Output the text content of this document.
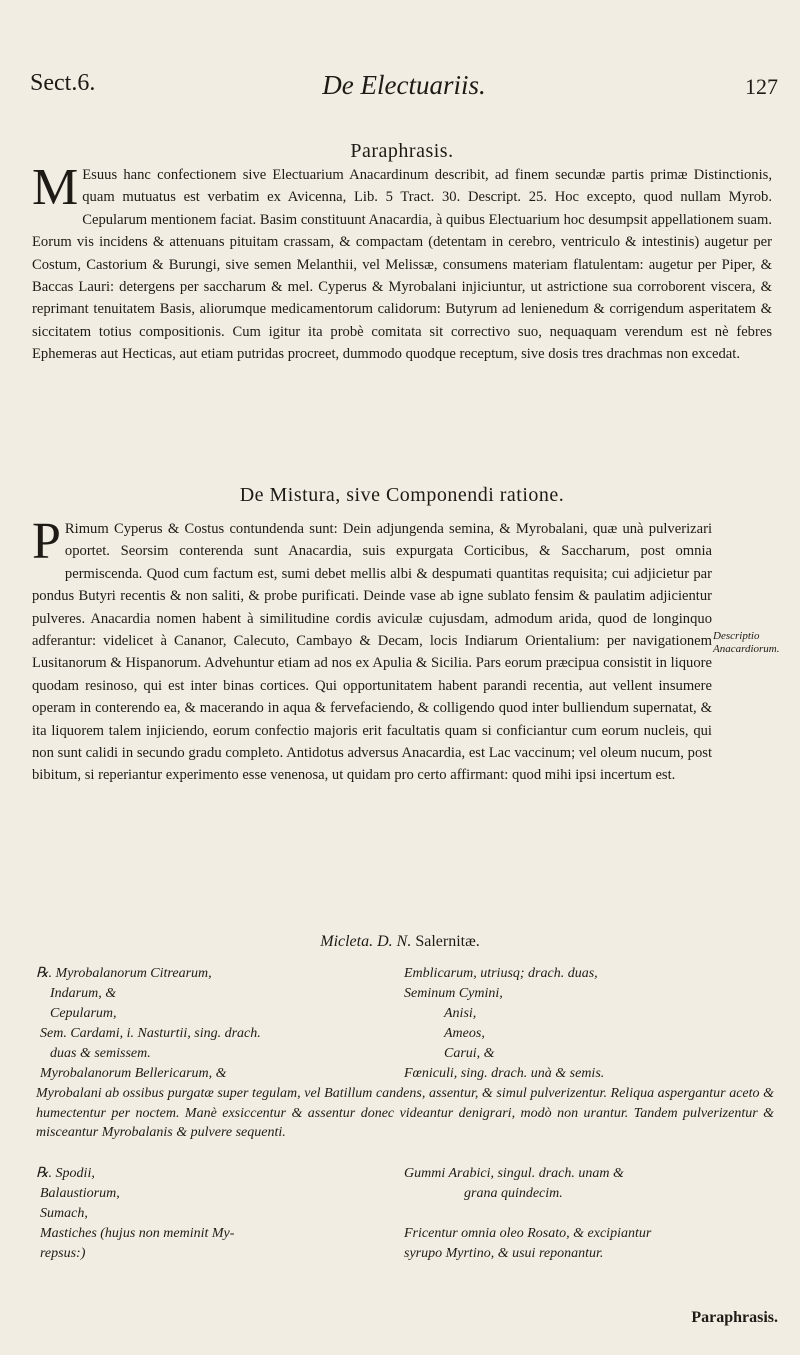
Sect.6.	De Electuariis.	127
Paraphrasis.
M Esuus hanc confectionem sive Electuarium Anacardinum describit, ad finem secundæ partis primæ Distinctionis, quam mutuatus est verbatim ex Avicenna, Lib. 5 Tract. 30. Descript. 25. Hoc excepto, quod nullam Myrob. Cepularum mentionem faciat. Basim constituunt Anacardia, à quibus Electuarium hoc desumpsit appellationem suam. Eorum vis incidens & attenuans pituitam crassam, & compactam (detentam in cerebro, ventriculo & intestinis) augetur per Costum, Castorium & Burungi, sive semen Melanthii, vel Melissæ, consumens materiam flatulentam: augetur per Piper, & Baccas Lauri: detergens per saccharum & mel. Cyperus & Myrobalani injiciuntur, ut astrictione sua corroborent viscera, & reprimant tenuitatem Basis, aliorumque medicamentorum calidorum: Butyrum ad lenienedum & corrigendum asperitatem & siccitatem totius compositionis. Cum igitur ita probè comitata sit correctivo suo, nequaquam verendum est nè febres Ephemeras aut Hecticas, aut etiam putridas procreet, dummodo quodque receptum, sive dosis tres drachmas non excedat.
De Mistura, sive Componendi ratione.
P Rimum Cyperus & Costus contundenda sunt: Dein adjungenda semina, & Myrobalani, quæ unà pulverizari oportet. Seorsim conterenda sunt Anacardia, suis expurgata Corticibus, & Saccharum, post omnia permiscenda. Quod cum factum est, sumi debet mellis albi & despumati quantitas requisita; cui adjicietur par pondus Butyri recentis & non saliti, & probe purificati. Deinde vase ab igne sublato fensim & paulatim adjicientur pulveres. Anacardia nomen habent à similitudine cordis aviculæ cujusdam, admodum arida, quod de longinquo adferantur: videlicet à Cananor, Calecuto, Cambayo & Decam, locis Indiarum Orientalium: per navigationem Lusitanorum & Hispanorum. Advehuntur etiam ad nos ex Apulia & Sicilia. Pars eorum præcipua consistit in liquore quodam resinoso, qui est inter binas cortices. Qui opportunitatem habent parandi recentia, aut vellent insumere operam in conterendo ea, & macerando in aqua & fervefaciendo, & colligendo quod inter bulliendum supernatat, & ita liquorem talem injiciendo, eorum confectio majoris erit facultatis quam si conficiantur cum eorum nucleis, qui non sunt calidi in secundo gradu completo. Antidotus adversus Anacardia, est Lac vaccinum; vel oleum nucum, post bibitum, si reperiantur experimento esse venenosa, ut quidam pro certo affirmant: quod mihi ipsi incertum est.
Descriptio Anacardiorum.
Micleta. D. N. Salernitæ.
℞. Myrobalanorum Citrearum,
Indarum, &
Cepularum,
Sem. Cardami, i. Nasturtii, sing. drach.
duas & semissem.
Myrobalanorum Bellericarum, &
Emblicarum, utriusq; drach. duas,
Seminum Cymini,
Anisi,
Ameos,
Carui, &
Fœniculi, sing. drach. unà & semis.
Myrobalani ab ossibus purgatæ super tegulam, vel Batillum candens, assentur, & simul pulverizentur. Reliqua aspergantur aceto & humectentur per noctem. Manè exsiccentur & assentur donec videantur denigrari, modò non urantur. Tandem pulverizentur & misceantur Myrobalanis & pulvere sequenti.
℞. Spodii,
Balaustiorum,
Sumach,
Mastiches (hujus non meminit My-
repsus:)
Gummi Arabici, singul. drach. unam &
grana quindecim.
Fricentur omnia oleo Rosato, & excipiantur
syrupo Myrtino, & usui reponantur.
Paraphrasis.
